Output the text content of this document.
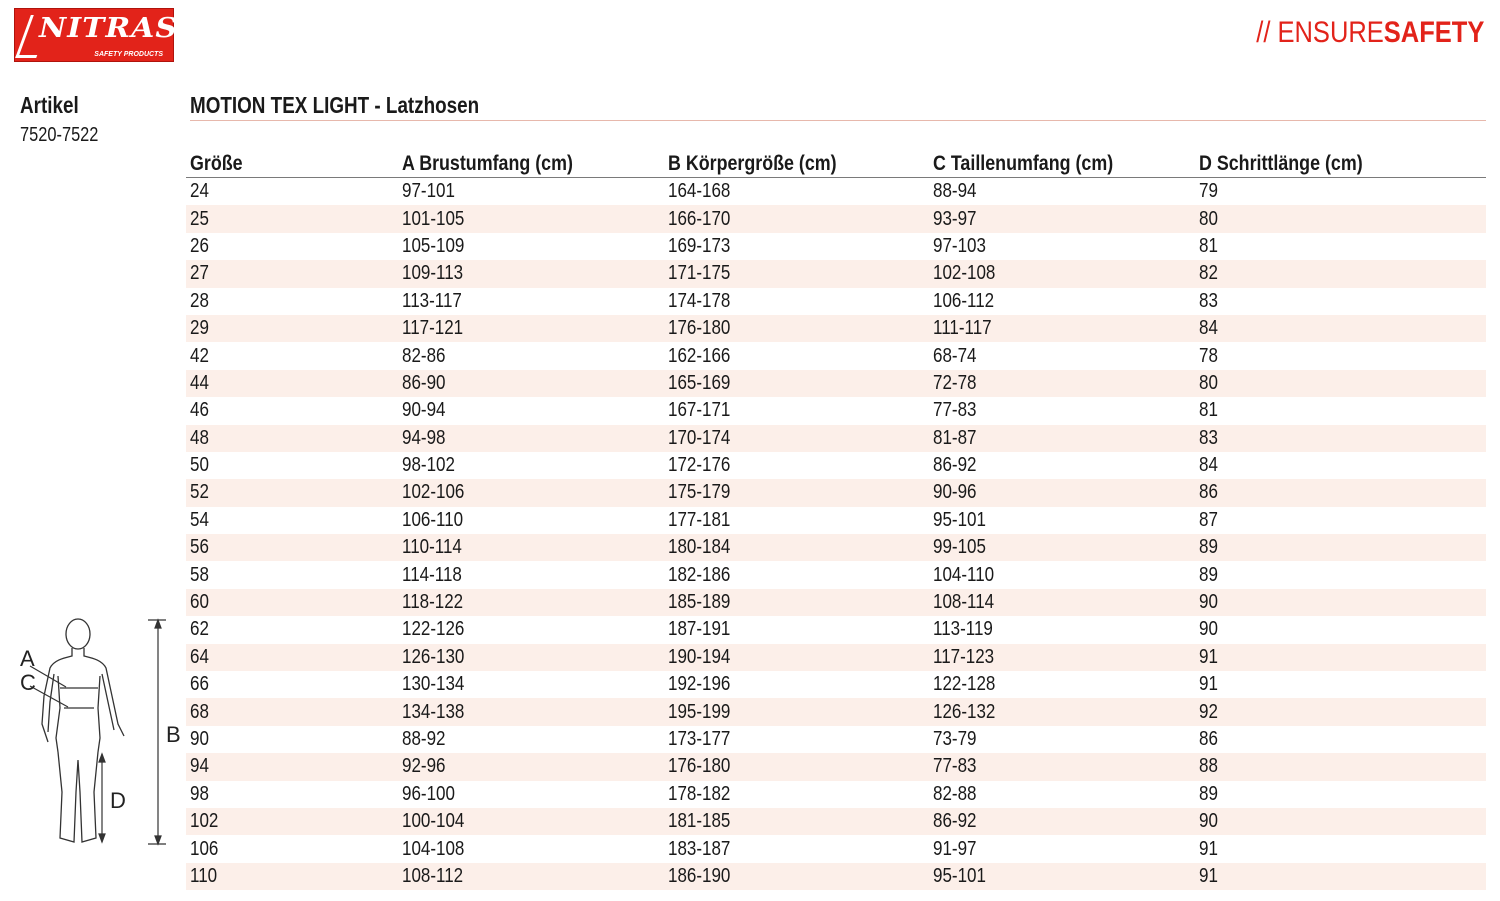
NITRAS
SAFETY PRODUCTS
// ENSURESAFETY
Artikel
7520-7522
MOTION TEX LIGHT - Latzhosen
Größe	A Brustumfang (cm)	B Körpergröße (cm)	C Taillenumfang (cm)	D Schrittlänge (cm)
24	97-101	164-168	88-94	79
25	101-105	166-170	93-97	80
26	105-109	169-173	97-103	81
27	109-113	171-175	102-108	82
28	113-117	174-178	106-112	83
29	117-121	176-180	111-117	84
42	82-86	162-166	68-74	78
44	86-90	165-169	72-78	80
46	90-94	167-171	77-83	81
48	94-98	170-174	81-87	83
50	98-102	172-176	86-92	84
52	102-106	175-179	90-96	86
54	106-110	177-181	95-101	87
56	110-114	180-184	99-105	89
58	114-118	182-186	104-110	89
60	118-122	185-189	108-114	90
62	122-126	187-191	113-119	90
64	126-130	190-194	117-123	91
66	130-134	192-196	122-128	91
68	134-138	195-199	126-132	92
90	88-92	173-177	73-79	86
94	92-96	176-180	77-83	88
98	96-100	178-182	82-88	89
102	100-104	181-185	86-92	90
106	104-108	183-187	91-97	91
110	108-112	186-190	95-101	91
A
C
B
D
